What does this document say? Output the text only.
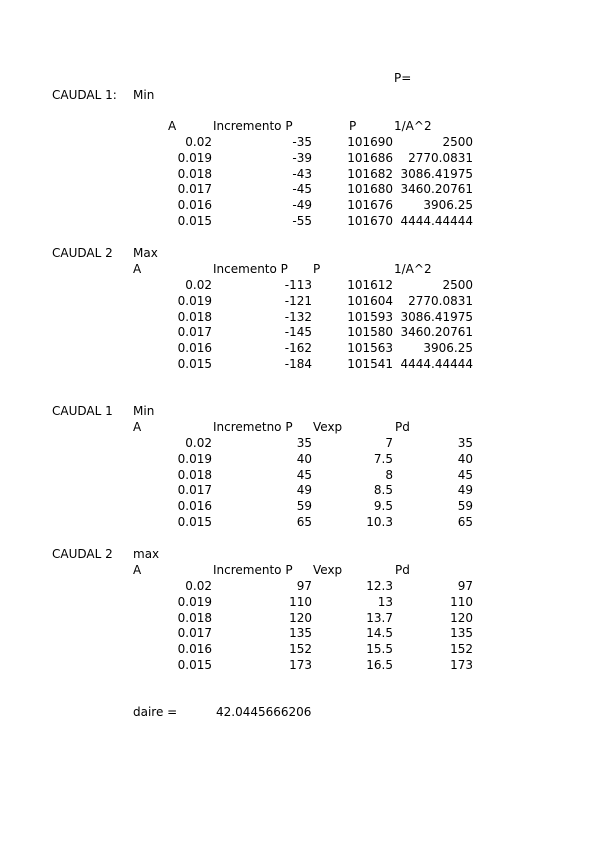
P=
CAUDAL 1: Min
A	Incremento P	P	1/A^2
0.02	-35	101690	2500
0.019	-39	101686	2770.0831
0.018	-43	101682 3086.41975
0.017	-45	101680 3460.20761
0.016	-49	101676	3906.25
0.015	-55	101670 4444.44444
CAUDAL 2 Max
A	Incemento P P	1/A^2
0.02	-113	101612	2500
0.019	-121	101604	2770.0831
0.018	-132	101593 3086.41975
0.017	-145	101580 3460.20761
0.016	-162	101563	3906.25
0.015	-184	101541 4444.44444
CAUDAL 1 Min
A	Incremetno P Vexp	Pd
0.02	35	7	35
0.019	40	7.5	40
0.018	45	8	45
0.017	49	8.5	49
0.016	59	9.5	59
0.015	65	10.3	65
CAUDAL 2 max
A	Incremento P Vexp	Pd
0.02	97	12.3	97
0.019	110	13	110
0.018	120	13.7	120
0.017	135	14.5	135
0.016	152	15.5	152
0.015	173	16.5	173
daire =	42.0445666206
